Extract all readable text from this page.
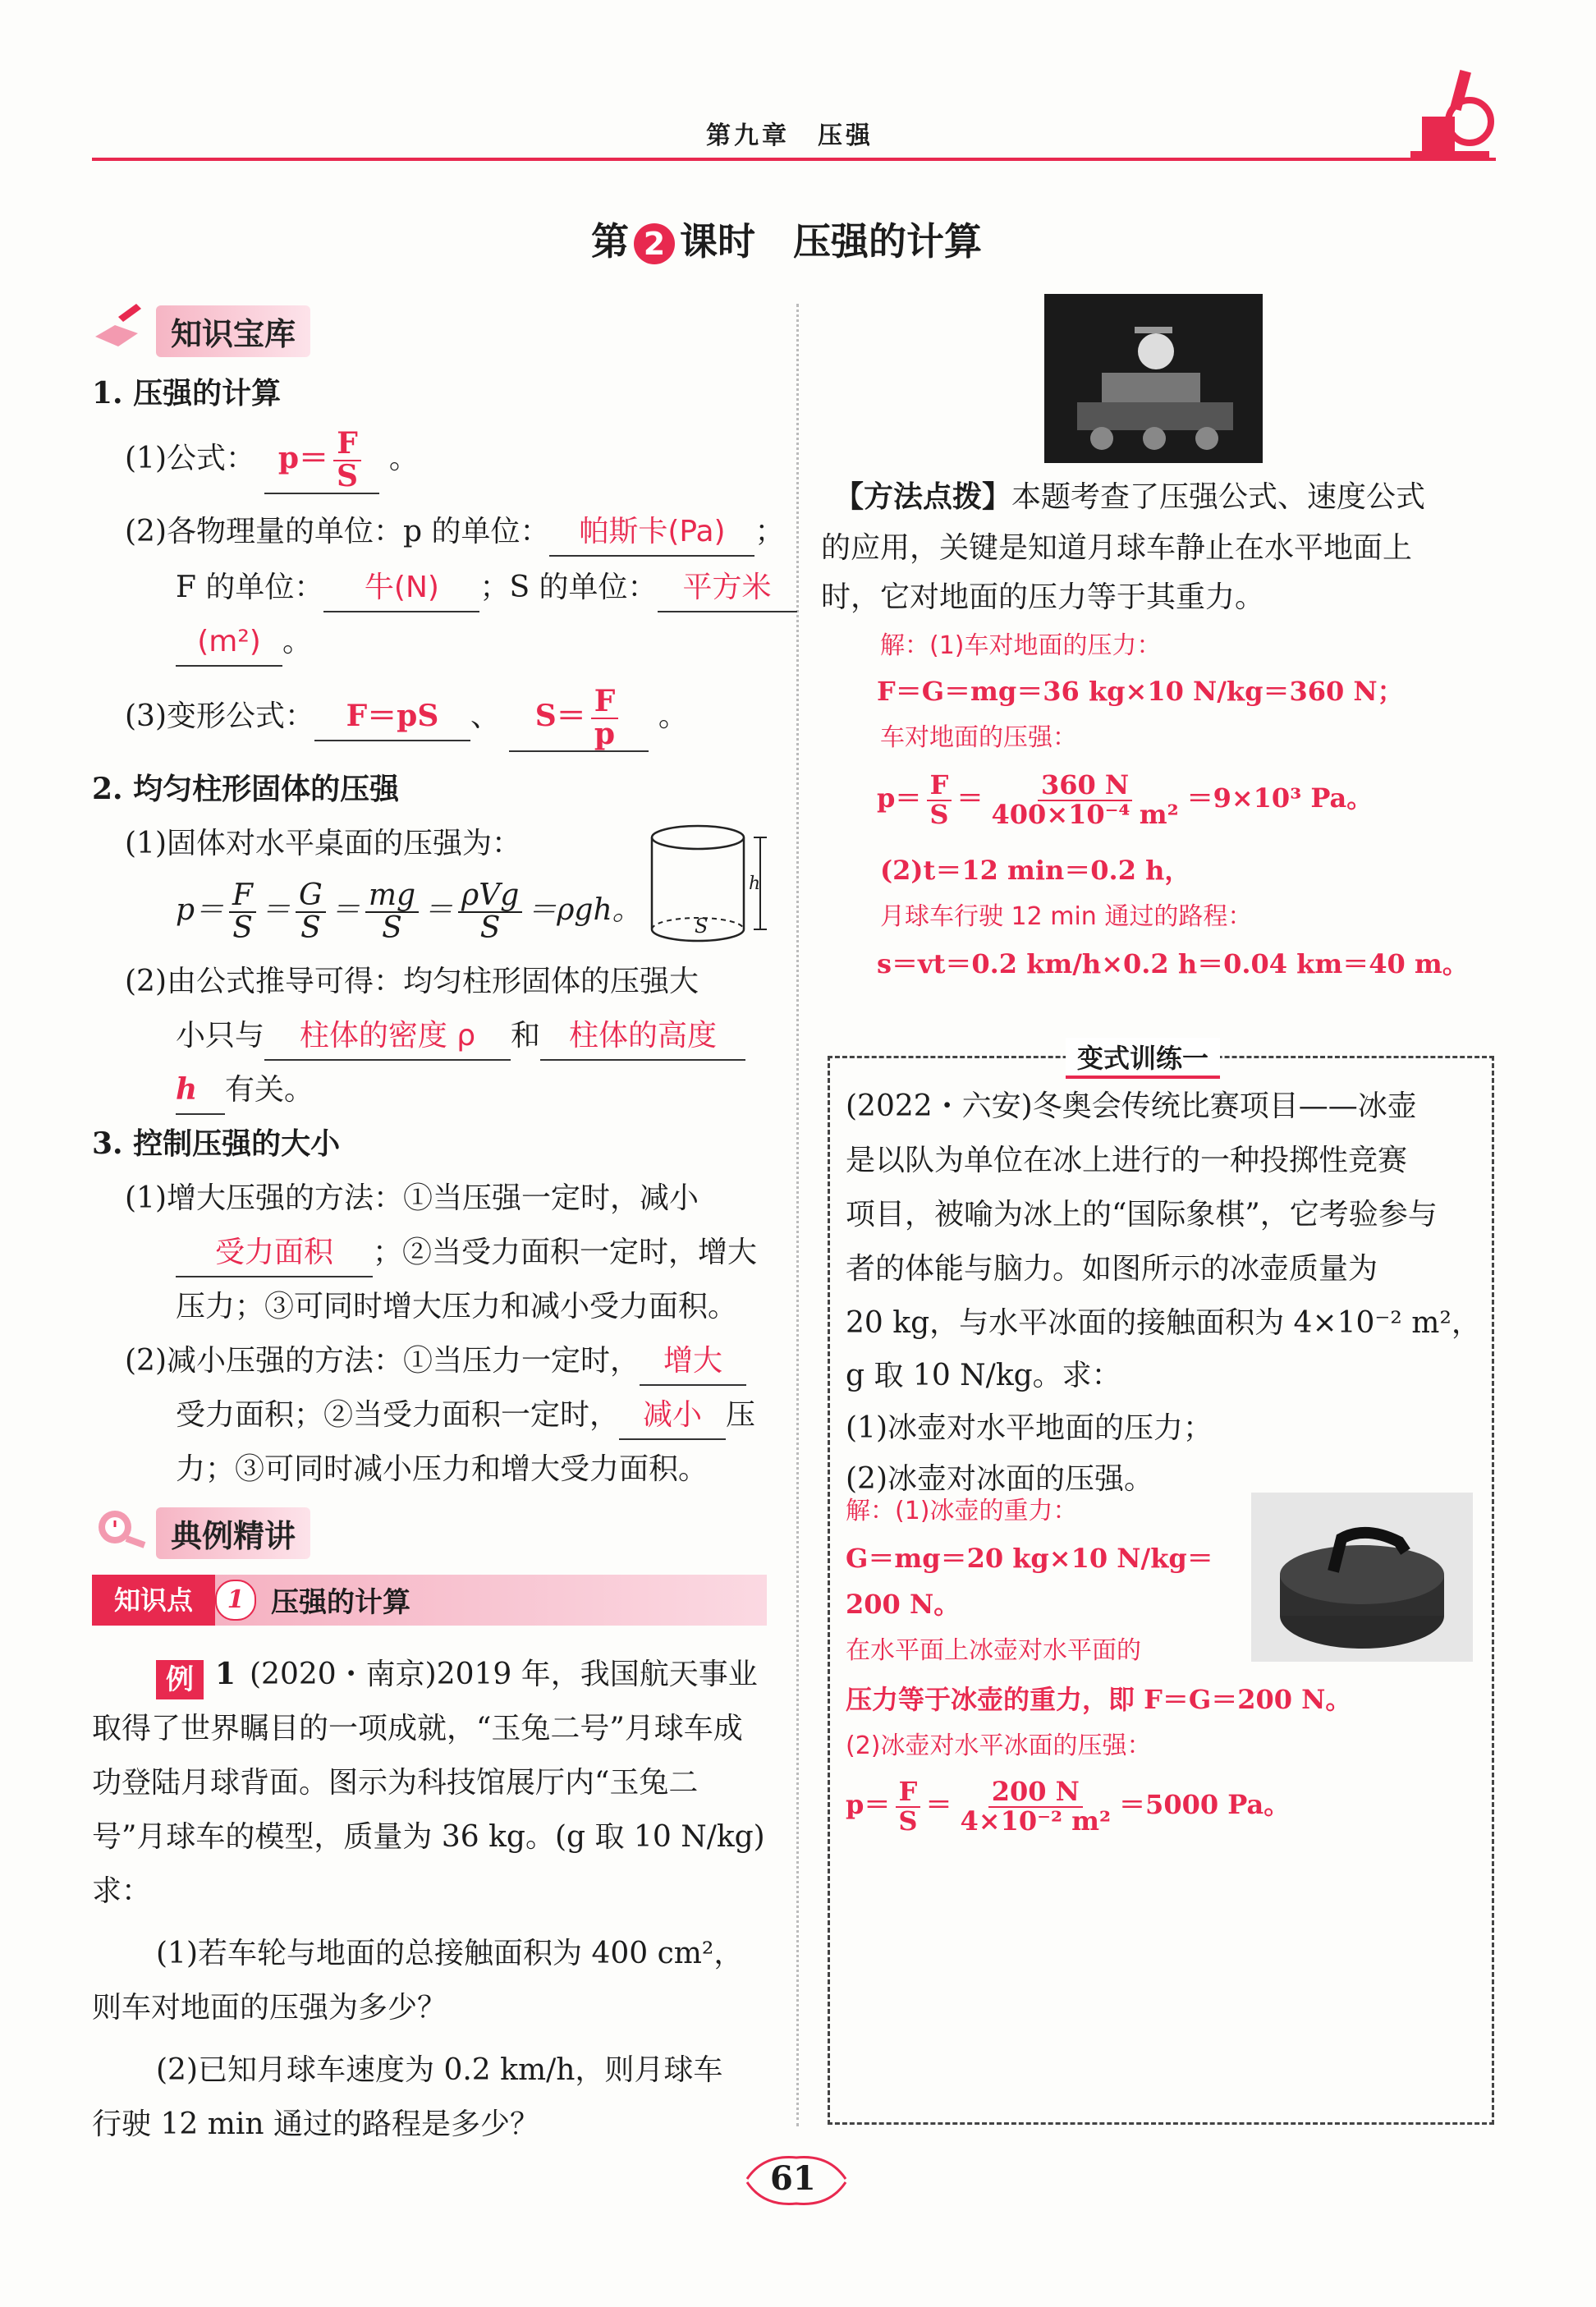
第九章　压强
第 2 课时　压强的计算
知识宝库
1. 压强的计算
(1)公式： $p= \frac{F}{S}$ 。
(2)各物理量的单位：p 的单位： 帕斯卡(Pa) ；
F 的单位： 牛(N) ；S 的单位： 平方米
(m²) 。
(3)变形公式： F＝pS 、 $S= \frac{F}{p}$ 。
2. 均匀柱形固体的压强
(1)固体对水平桌面的压强为：
$p= \frac{F}{S} = \frac{G}{S} = \frac{mg}{S} = \frac{\text{ρVg}}{S} =\rho gh$。
h
S
(2)由公式推导可得：均匀柱形固体的压强大
小只与 柱体的密度 ρ 和 柱体的高度
h 有关。
3. 控制压强的大小
(1)增大压强的方法：①当压强一定时，减小
受力面积 ；②当受力面积一定时，增大
压力；③可同时增大压力和减小受力面积。
(2)减小压强的方法：①当压力一定时， 增大
受力面积；②当受力面积一定时， 减小 压
力；③可同时减小压力和增大受力面积。
典例精讲
知识点	1 压强的计算
例 1 (2020・南京)2019 年，我国航天事业
取得了世界瞩目的一项成就，“玉兔二号”月球车成
功登陆月球背面。图示为科技馆展厅内“玉兔二
号”月球车的模型，质量为 36 kg。(g 取 10 N/kg)
求：
(1)若车轮与地面的总接触面积为 400 cm²，
则车对地面的压强为多少？
(2)已知月球车速度为 0.2 km/h，则月球车
行驶 12 min 通过的路程是多少？
【方法点拨】本题考查了压强公式、速度公式
的应用，关键是知道月球车静止在水平地面上
时，它对地面的压力等于其重力。
解：(1)车对地面的压力：
F＝G＝mg＝36 kg×10 N/kg＝360 N；
车对地面的压强：
$p= \frac{F}{S} = \frac{360 N}{\text{400×10⁻⁴ m²}} =9\times 10^3$ Pa。
(2)t＝12 min＝0.2 h，
月球车行驶 12 min 通过的路程：
s＝vt＝0.2 km/h×0.2 h＝0.04 km＝40 m。
变式训练一
(2022・六安)冬奥会传统比赛项目——冰壶
是以队为单位在冰上进行的一种投掷性竞赛
项目，被喻为冰上的“国际象棋”，它考验参与
者的体能与脑力。如图所示的冰壶质量为
20 kg，与水平冰面的接触面积为 4×10⁻² m²，
g 取 10 N/kg。求：
(1)冰壶对水平地面的压力；
(2)冰壶对冰面的压强。
解：(1)冰壶的重力：
G＝mg＝20 kg×10 N/kg＝
200 N。
在水平面上冰壶对水平面的
压力等于冰壶的重力，即 F＝G＝200 N。
(2)冰壶对水平冰面的压强：
$p= \frac{F}{S} = \frac{200 N}{\text{4×10⁻² m²}} =5000$ Pa。
61
